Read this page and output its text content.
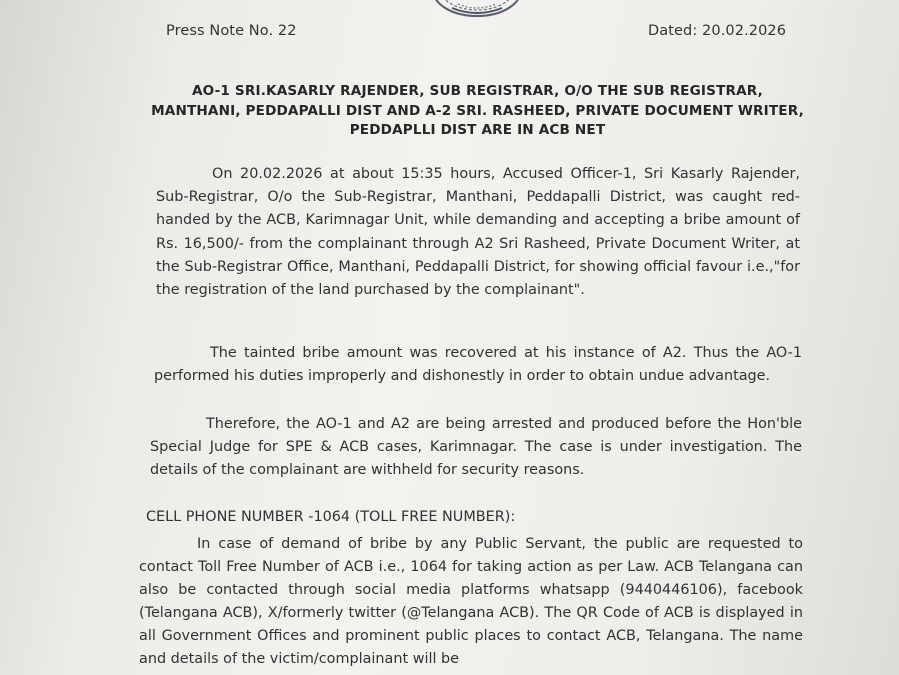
Press Note No. 22	Dated: 20.02.2026
AO-1 SRI.KASARLY RAJENDER, SUB REGISTRAR, O/O THE SUB REGISTRAR, MANTHANI, PEDDAPALLI DIST AND A-2 SRI. RASHEED, PRIVATE DOCUMENT WRITER, PEDDAPLLI DIST ARE IN ACB NET

On 20.02.2026 at about 15:35 hours, Accused Officer-1, Sri Kasarly Rajender, Sub-Registrar, O/o the Sub-Registrar, Manthani, Peddapalli District, was caught red-handed by the ACB, Karimnagar Unit, while demanding and accepting a bribe amount of Rs. 16,500/- from the complainant through A2 Sri Rasheed, Private Document Writer, at the Sub-Registrar Office, Manthani, Peddapalli District, for showing official favour i.e.,"for the registration of the land purchased by the complainant".

The tainted bribe amount was recovered at his instance of A2. Thus the AO-1 performed his duties improperly and dishonestly in order to obtain undue advantage.

Therefore, the AO-1 and A2 are being arrested and produced before the Hon'ble Special Judge for SPE & ACB cases, Karimnagar. The case is under investigation. The details of the complainant are withheld for security reasons.

CELL PHONE NUMBER -1064 (TOLL FREE NUMBER):

In case of demand of bribe by any Public Servant, the public are requested to contact Toll Free Number of ACB i.e., 1064 for taking action as per Law. ACB Telangana can also be contacted through social media platforms whatsapp (9440446106), facebook (Telangana ACB), X/formerly twitter (@Telangana ACB). The QR Code of ACB is displayed in all Government Offices and prominent public places to contact ACB, Telangana. The name and details of the victim/complainant will be
